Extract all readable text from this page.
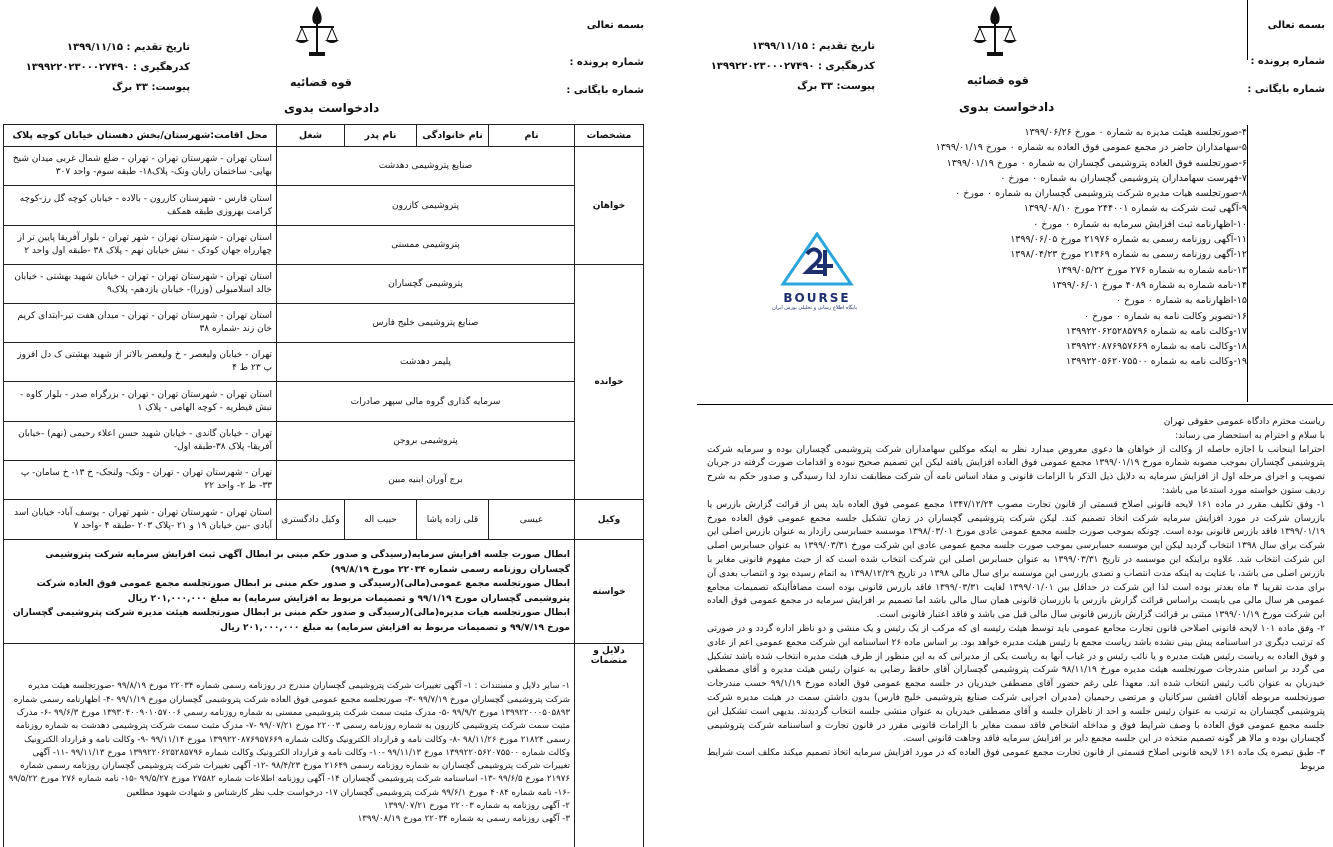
بسمه تعالی
شماره پرونده :
شماره بایگانی :
قوه قضائیه
دادخواست بدوی
تاریخ تقدیم : ۱۳۹۹/۱۱/۱۵
کدرهگیری : ۱۳۹۹۲۲۰۲۳۰۰۰۲۷۴۹۰
پیوست: ۳۳ برگ
۴-صورتجلسه هیئت مدیره به شماره ۰ مورخ ۱۳۹۹/۰۶/۲۶
۵-سهامداران حاضر در مجمع عمومی فوق العاده به شماره ۰ مورخ ۱۳۹۹/۰۱/۱۹
۶-صورتجلسه فوق العاده پتروشیمی گچساران به شماره ۰ مورخ ۱۳۹۹/۰۱/۱۹
۷-فهرست سهامداران پتروشیمی گچساران به شماره ۰ مورخ ۰
۸-صورتجلسه هیات مدیره شرکت پتروشیمی گچساران به شماره ۰ مورخ ۰
۹-آگهی ثبت شرکت به شماره ۲۴۴۰۰۱ مورخ ۱۳۹۹/۰۸/۱۰
۱۰-اظهارنامه ثبت افزایش سرمایه به شماره ۰ مورخ ۰
۱۱-آگهی روزنامه رسمی به شماره ۲۱۹۷۶ مورخ ۱۳۹۹/۰۶/۰۵
۱۲-آگهی روزنامه رسمی به شماره ۲۱۴۶۹ مورخ ۱۳۹۸/۰۴/۲۳
۱۳-نامه شماره به شماره ۲۷۶ مورخ ۱۳۹۹/۰۵/۲۲
۱۴-نامه شماره به شماره ۴۰۸۹ مورخ ۱۳۹۹/۰۶/۰۱
۱۵-اظهارنامه به شماره ۰ مورخ ۰
۱۶-تصویر وکالت نامه به شماره ۰ مورخ ۰
۱۷-وکالت نامه به شماره ۱۳۹۹۲۲۰۶۲۵۲۸۵۷۹۶
۱۸-وکالت نامه به شماره ۱۳۹۹۲۲۰۸۷۶۹۵۷۶۶۹
۱۹-وکالت نامه به شماره ۱۳۹۹۲۲۰۵۶۲۰۷۵۵۰۰
BOURSE
پایگاه اطلاع رسانی و تحلیلی بورس ایران

ریاست محترم دادگاه عمومی حقوقی تهران

با سلام و احترام به استحضار می رساند:

احتراما اینجانب با اجازه حاصله از وکالت از خواهان ها دعوی معروض میدارد نظر به اینکه موکلین سهامداران شرکت پتروشیمی گچساران بوده و سرمایه شرکت پتروشیمی گچساران بموجب مصوبه شماره مورخ ۱۳۹۹/۰۱/۱۹ مجمع عمومی فوق العاده افزایش یافته لیکن این تصمیم صحیح نبوده و اقدامات صورت گرفته در جریان تصویب و اجرای مرحله اول از افزایش سرمایه به دلایل ذیل الذکر با الزامات قانونی و مفاد اساس نامه آن شرکت مطابقت ندارد لذا رسیدگی و صدور حکم به شرح ردیف ستون خواسته مورد استدعا می باشد:

۱- وفق تکلیف مقرر در ماده ۱۶۱ لایحه قانونی اصلاح قسمتی از قانون تجارت مصوب ۱۳۴۷/۱۲/۲۴ مجمع عمومی فوق العاده باید پس از قرائت گزارش بازرس یا بازرسان شرکت در مورد افزایش سرمایه شرکت اتخاذ تصمیم کند. لیکن شرکت پتروشیمی گچساران در زمان تشکیل جلسه مجمع عمومی فوق العاده مورخ ۱۳۹۹/۰۱/۱۹ فاقد بازرس قانونی بوده است. چونکه بموجب صورت جلسه مجمع عمومی عادی مورخ ۱۳۹۸/۰۳/۰۱ موسسه حسابرسی رازدار به عنوان بازرس اصلی این شرکت برای سال ۱۳۹۸ انتخاب گردید لیکن این موسسه حسابرسی بموجب صورت جلسه مجمع عمومی عادی این شرکت مورخ ۱۳۹۹/۰۳/۳۱ به عنوان حسابرس اصلی این شرکت انتخاب شد. علاوه براینکه این موسسه در تاریخ ۱۳۹۹/۰۳/۳۱ به عنوان حسابرس اصلی این شرکت انتخاب شده است که از حیث مفهوم قانونی مغایر با بازرس اصلی می باشد، با عنایت به اینکه مدت انتصاب و تصدی بازرسی این موسسه برای سال مالی ۱۳۹۸ در تاریخ ۱۳۹۸/۱۲/۲۹ به اتمام رسیده بود و انتصاب بعدی آن برای مدت تقریبا ۴ ماه بعدتر بوده است لذا این شرکت در حداقل بین ۱۳۹۹/۰۱/۰۱ لغایت ۱۳۹۹/۰۳/۳۱ فاقد بازرس قانونی بوده است مضافاًاینکه تصمیمات مجامع عمومی هر سال مالی می بایست براساس قرائت گزارش بازرس یا بازرسان قانونی همان سال مالی باشد اما تصمیم بر افزایش سرمایه در مجمع عمومی فوق العاده این شرکت مورخ ۱۳۹۹/۰۱/۱۹ مبتنی بر قرائت گزارش بازرس قانونی سال مالی قبل می باشد و فاقد اعتبار قانونی است.

۲- وفق ماده ۱۰۱ لایحه قانونی اصلاحی قانون تجارت مجامع عمومی باید توسط هیئت رئیسه ای که مرکب از یک رئیس و یک منشی و دو ناظر اداره گردد و در صورتی که ترتیب دیگری در اساسنامه پیش بینی نشده باشد ریاست مجمع با رئیس هیئت مدیره خواهد بود. بر اساس ماده ۲۶ اساسنامه این شرکت مجمع عمومی اعم از عادی و فوق العاده به ریاست رئیس هیئت مدیره و یا نائب رئیس و در غیاب آنها به ریاست یکی از مدیرانی که به این منظور از طرف هیئت مدیره انتخاب شده باشد تشکیل می گردد بر اساس مندرجات صورتجلسه هیئت مدیره مورخ ۹۸/۱۱/۱۹ شرکت پتروشیمی گچساران آقای حافظ رضایی به عنوان رئیس هیئت مدیره و آقای مصطفی خیدریان به عنوان نائب رئیس انتخاب شده اند. معهذا علی رغم حضور آقای مصطفی خیدریان در جلسه مجمع عمومی فوق العاده مورخ ۹۹/۱/۱۹ حسب مندرجات صورتجلسه مربوطه آقایان افشین سرکانیان و مرتضی رحیمیان (مدیران اجرایی شرکت صنایع پتروشیمی خلیج فارس) بدون داشتن سمت در هیئت مدیره شرکت پتروشیمی گچساران به ترتیب به عنوان رئیس جلسه و احد از ناظران جلسه و آقای مصطفی خیدریان به عنوان منشی جلسه انتخاب گردیدند. بدیهی است تشکیل این جلسه مجمع عمومی فوق العاده با وصف شرایط فوق و مداخله اشخاص فاقد سمت مغایر با الزامات قانونی مقرر در قانون تجارت و اساسنامه شرکت پتروشیمی گچساران بوده و مالا هر گونه تصمیم متخذه در این جلسه مجمع دایر بر افزایش سرمایه فاقد وجاهت قانونی است.

۳- طبق تبصره یک ماده ۱۶۱ لایحه قانونی اصلاح قسمتی از قانون تجارت مجمع عمومی فوق العاده که در مورد افزایش سرمایه اتخاذ تصمیم میکند مکلف است شرایط مربوط

بسمه تعالی
شماره پرونده :
شماره بایگانی :
قوه قضائیه
دادخواست بدوی
تاریخ تقدیم : ۱۳۹۹/۱۱/۱۵
کدرهگیری : ۱۳۹۹۲۲۰۲۳۰۰۰۲۷۴۹۰
پیوست: ۳۳ برگ
مشخصات	نام	نام خانوادگی	نام پدر	شغل	محل اقامت:شهرستان/بخش دهستان خیابان کوچه پلاک
خواهان	صنایع پتروشیمی دهدشت				استان تهران - شهرستان تهران - تهران - ضلع شمال غربی میدان شیخ بهایی- ساختمان رایان ونک- پلاک۱۸- طبقه سوم- واحد ۳۰۷
	پتروشیمی کازرون				استان فارس - شهرستان کازرون - بالاده - خیابان کوچه گل رز-کوچه کرامت بهروزی طبقه همکف
	پتروشیمی ممسنی				استان تهران - شهرستان تهران - شهر تهران - بلوار آفریقا پایین تر از چهارراه جهان کودک - نبش خیابان نهم - پلاک ۳۸ -طبقه اول واحد ۲
خوانده	پتروشیمی گچساران				استان تهران - شهرستان تهران - تهران - خیابان شهید بهشتی - خیابان خالد اسلامبولی (وزرا)- خیابان یازدهم- پلاک۹
	صنایع پتروشیمی خلیج فارس				استان تهران - شهرستان تهران - تهران - میدان هفت تیر-ابتدای کریم خان زند -شماره ۳۸
	پلیمر دهدشت				تهران - خیابان ولیعصر - خ ولیعصر بالاتر از شهید بهشتی ک دل افروز پ ۲۳ ط ۴
	سرمایه گذاری گروه مالی سپهر صادرات				استان تهران - شهرستان تهران - تهران - بزرگراه صدر - بلوار کاوه - نبش قیطریه - کوچه الهامی - پلاک ۱
	پتروشیمی بروجن				تهران - خیابان گاندی - خیابان شهید حسن اعلاء رحیمی (نهم) -خیابان آفریقا- پلاک ۳۸-طبقه اول-
	برج آوران ابنیه مبین				تهران - شهرستان تهران - تهران - ونک- ولنجک- خ ۱۳- خ سامان- پ ۳۳- ط ۲- واحد ۲۲
وکیل	عیسی	قلی زاده پاشا	حبیب اله	وکیل دادگستری	استان تهران - شهرستان تهران - شهر تهران - یوسف آباد- خیابان اسد آبادی -بین خیابان ۱۹ و ۲۱ -پلاک ۲۰۳ -طبقه ۴ -واحد ۷
خواسته	ابطال صورت جلسه افزایش سرمایه(رسیدگی و صدور حکم مبنی بر ابطال آگهی ثبت افزایش سرمایه شرکت پتروشیمی گچساران روزنامه رسمی شماره ۲۲۰۳۴ مورخ ۹۹/۸/۱۹)
ابطال صورتجلسه مجمع عمومی(مالی)(رسیدگی و صدور حکم مبنی بر ابطال صورتجلسه مجمع عمومی فوق العاده شرکت پتروشیمی گچساران مورخ ۹۹/۱/۱۹ و تصمیمات مربوط به افزایش سرمایه) به مبلغ ۲۰۱,۰۰۰,۰۰۰ ریال
ابطال صورتجلسه هیات مدیره(مالی)(رسیدگی و صدور حکم مبنی بر ابطال صورتجلسه هیئت مدیره شرکت پتروشیمی گچساران مورخ ۹۹/۷/۱۹ و تصمیمات مربوط به افزایش سرمایه) به مبلغ ۲۰۱,۰۰۰,۰۰۰ ریال				

دلایل و منضمات	۱- سایر دلایل و مستندات : ۱- آگهی تغییرات شرکت پتروشیمی گچساران مندرج در روزنامه رسمی شماره ۲۲۰۳۴ مورخ ۹۹/۸/۱۹ -صورتجلسه هیئت مدیره شرکت پتروشیمی گچساران مورخ ۹۹/۷/۱۹ -۳- صورتجلسه مجمع عمومی فوق العاده شرکت پتروشیمی گچساران مورخ ۹۹/۱/۱۹ -۴- اظهارنامه رسمی شماره ۱۳۹۹۲۲۰۰۰۵۰۵۸۹۳ مورخ ۹۹/۹/۲ -۵- مدرک مثبت سمت شرکت پتروشیمی ممسنی به شماره روزنامه رسمی ۱۳۹۳۰۴۰۰۹۰۱۰۵۷۰۰۶ مورخ ۹۹/۶/۳ -۶- مدرک مثبت سمت شرکت پتروشیمی کازرون به شماره روزنامه رسمی ۲۲۰۰۳ مورخ ۹۹/۰۷/۲۱ -۷- مدرک مثبت سمت شرکت پتروشیمی دهدشت به شماره روزنامه رسمی ۲۱۸۲۴ مورخ ۹۸/۱۱/۲۶ -۸- وکالت نامه و قرارداد الکترونیک وکالت شماره ۱۳۹۹۲۲۰۸۷۶۹۵۷۶۶۹ مورخ ۹۹/۱۱/۱۴ -۹- وکالت نامه و قرارداد الکترونیک وکالت شماره ۱۳۹۹۲۲۰۵۶۲۰۷۵۵۰۰ مورخ ۹۹/۱۱/۱۳ -۱۰- وکالت نامه و قرارداد الکترونیک وکالت شماره ۱۳۹۹۲۲۰۶۲۵۲۸۵۷۹۶ مورخ ۹۹/۱۱/۱۳ -۱۱- آگهی تغییرات شرکت پتروشیمی گچساران به شماره روزنامه رسمی ۲۱۶۴۹ مورخ ۹۸/۴/۲۳ -۱۲- آگهی تغییرات شرکت پتروشیمی گچساران روزنامه رسمی شماره ۲۱۹۷۶ مورخ ۹۹/۶/۵ -۱۳- اساسنامه شرکت پتروشیمی گچساران ۱۴- آگهی روزنامه اطلاعات شماره ۲۷۵۸۲ مورخ ۹۹/۵/۲۷ -۱۵- نامه شماره ۲۷۶ مورخ ۹۹/۵/۲۲ -۱۶- نامه شماره ۴۰۸۴ مورخ ۹۹/۶/۱ شرکت پتروشیمی گچساران ۱۷- درخواست جلب نظر کارشناس و شهادت شهود مطلعین
۲- آگهی روزنامه به شماره ۲۲۰۰۳ مورخ ۱۳۹۹/۰۷/۲۱
۳- آگهی روزنامه رسمی به شماره ۲۲۰۳۴ مورخ ۱۳۹۹/۰۸/۱۹				
